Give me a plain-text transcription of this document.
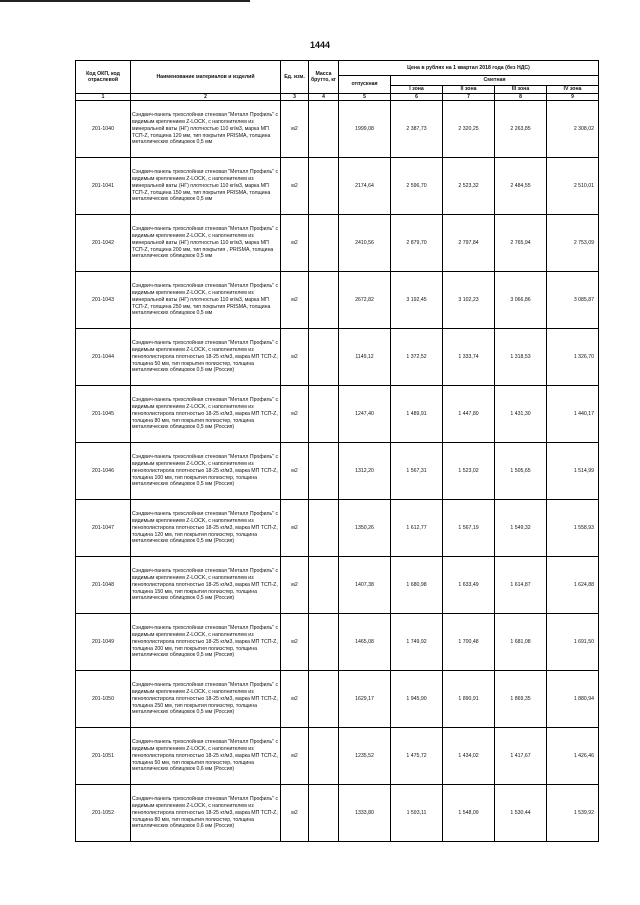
1444
Код ОКП, код отраслевой	Наименование материалов и изделий	Ед. изм.	Масса брутто, кг	Цена в рублях на 1 квартал 2018 года (без НДС)				
				отпускная	Сметная			
					I зона	II зона	III зона	IV зона
1	2	3	4	5	6	7	8	9
201-1040	Сэндвич-панель трехслойная стеновая "Металл Профиль" с видимым креплением Z-LOCK, с наполнителем из минеральной ваты (НГ) плотностью 110 кг/м3, марка МП ТСП-Z, толщина 120 мм, тип покрытия PRISMA, толщина металлических облицовок 0,5 мм	м2		1999,08	2 387,73	2 320,25	2 263,85	2 308,02
201-1041	Сэндвич-панель трехслойная стеновая "Металл Профиль" с видимым креплением Z-LOCK, с наполнителем из минеральной ваты (НГ) плотностью 110 кг/м3, марка МП ТСП-Z, толщина 150 мм, тип покрытия PRISMA, толщина металлических облицовок 0,5 мм	м2		2174,64	2 596,70	2 523,32	2 484,55	2 510,01
201-1042	Сэндвич-панель трехслойная стеновая "Металл Профиль" с видимым креплением Z-LOCK, с наполнителем из минеральной ваты (НГ) плотностью 110 кг/м3, марка МП ТСП-Z, толщина 200 мм, тип покрытия , PRISMA, толщина металлических облицовок 0,5 мм	м2		2410,56	2 879,70	2 797,84	2 765,94	2 753,09
201-1043	Сэндвич-панель трехслойная стеновая "Металл Профиль" с видимым креплением Z-LOCK, с наполнителем из минеральной ваты (НГ) плотностью 110 кг/м3, марка МП ТСП-Z, толщина 250 мм, тип покрытия PRISMA, толщина металлических облицовок 0,5 мм	м2		2672,82	3 192,45	3 102,23	3 066,86	3 085,87
201-1044	Сэндвич-панель трехслойная стеновая "Металл Профиль" с видимым креплением Z-LOCK, с наполнителем из пенополистирола плотностью 18-25 кг/м3, марка МП ТСП-Z, толщина 50 мм, тип покрытия полиэстер, толщина металлических облицовок 0,5 мм (Россия)	м2		1149,12	1 372,52	1 333,74	1 318,53	1 326,70
201-1045	Сэндвич-панель трехслойная стеновая "Металл Профиль" с видимым креплением Z-LOCK, с наполнителем из пенополистирола плотностью 18-25 кг/м3, марка МП ТСП-Z, толщина 80 мм, тип покрытия полиэстер, толщина металлических облицовок 0,5 мм (Россия)	м2		1247,40	1 489,91	1 447,80	1 431,30	1 440,17
201-1046	Сэндвич-панель трехслойная стеновая "Металл Профиль" с видимым креплением Z-LOCK, с наполнителем из пенополистирола плотностью 18-25 кг/м3, марка МП ТСП-Z, толщина 100 мм, тип покрытия полиэстер, толщина металлических облицовок 0,5 мм (Россия)	м2		1312,20	1 567,31	1 523,02	1 505,65	1 514,99
201-1047	Сэндвич-панель трехслойная стеновая "Металл Профиль" с видимым креплением Z-LOCK, с наполнителем из пенополистирола плотностью 18-25 кг/м3, марка МП ТСП-Z, толщина 120 мм, тип покрытия полиэстер, толщина металлических облицовок 0,5 мм (Россия)	м2		1350,26	1 612,77	1 567,19	1 549,32	1 558,93
201-1048	Сэндвич-панель трехслойная стеновая "Металл Профиль" с видимым креплением Z-LOCK, с наполнителем из пенополистирола плотностью 18-25 кг/м3, марка МП ТСП-Z, толщина 150 мм, тип покрытия полиэстер, толщина металлических облицовок 0,5 мм (Россия)	м2		1407,38	1 680,98	1 633,49	1 614,87	1 624,88
201-1049	Сэндвич-панель трехслойная стеновая "Металл Профиль" с видимым креплением Z-LOCK, с наполнителем из пенополистирола плотностью 18-25 кг/м3, марка МП ТСП-Z, толщина 200 мм, тип покрытия полиэстер, толщина металлических облицовок 0,5 мм (Россия)	м2		1465,08	1 749,92	1 700,48	1 681,08	1 691,50
201-1050	Сэндвич-панель трехслойная стеновая "Металл Профиль" с видимым креплением Z-LOCK, с наполнителем из пенополистирола плотностью 18-25 кг/м3, марка МП ТСП-Z, толщина 250 мм, тип покрытия полиэстер, толщина металлических облицовок 0,5 мм (Россия)	м2		1629,17	1 945,90	1 890,91	1 869,35	1 880,94
201-1051	Сэндвич-панель трехслойная стеновая "Металл Профиль" с видимым креплением Z-LOCK, с наполнителем из пенополистирола плотностью 18-25 кг/м3, марка МП ТСП-Z, толщина 50 мм, тип покрытия полиэстер, толщина металлических облицовок 0,6 мм (Россия)	м2		1235,52	1 475,72	1 434,02	1 417,67	1 426,46
201-1052	Сэндвич-панель трехслойная стеновая "Металл Профиль" с видимым креплением Z-LOCK, с наполнителем из пенополистирола плотностью 18-25 кг/м3, марка МП ТСП-Z, толщина 80 мм, тип покрытия полиэстер, толщина металлических облицовок 0,6 мм (Россия)	м2		1333,80	1 593,11	1 548,09	1 530,44	1 539,92
